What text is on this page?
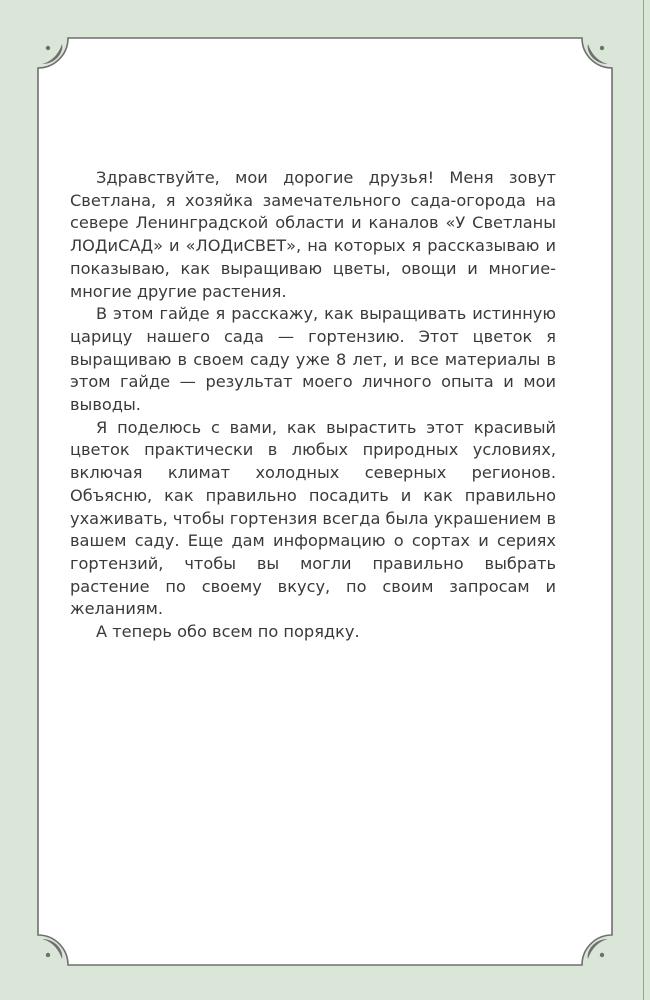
Здравствуйте, мои дорогие друзья! Меня зовут Светлана, я хозяйка замечательного сада-огорода на севере Ленинградской области и каналов «У Светланы ЛОДиСАД» и «ЛОДиСВЕТ», на которых я рассказываю и показываю, как выращиваю цветы, овощи и многие-многие другие растения.

В этом гайде я расскажу, как выращивать истинную царицу нашего сада — гортензию. Этот цветок я выращиваю в своем саду уже 8 лет, и все материалы в этом гайде — результат моего личного опыта и мои выводы.

Я поделюсь с вами, как вырастить этот красивый цветок практически в любых природных условиях, включая климат холодных северных регионов. Объясню, как правильно посадить и как правильно ухаживать, чтобы гортензия всегда была украшением в вашем саду. Еще дам информацию о сортах и сериях гортензий, чтобы вы могли правильно выбрать растение по своему вкусу, по своим запросам и желаниям.

А теперь обо всем по порядку.
